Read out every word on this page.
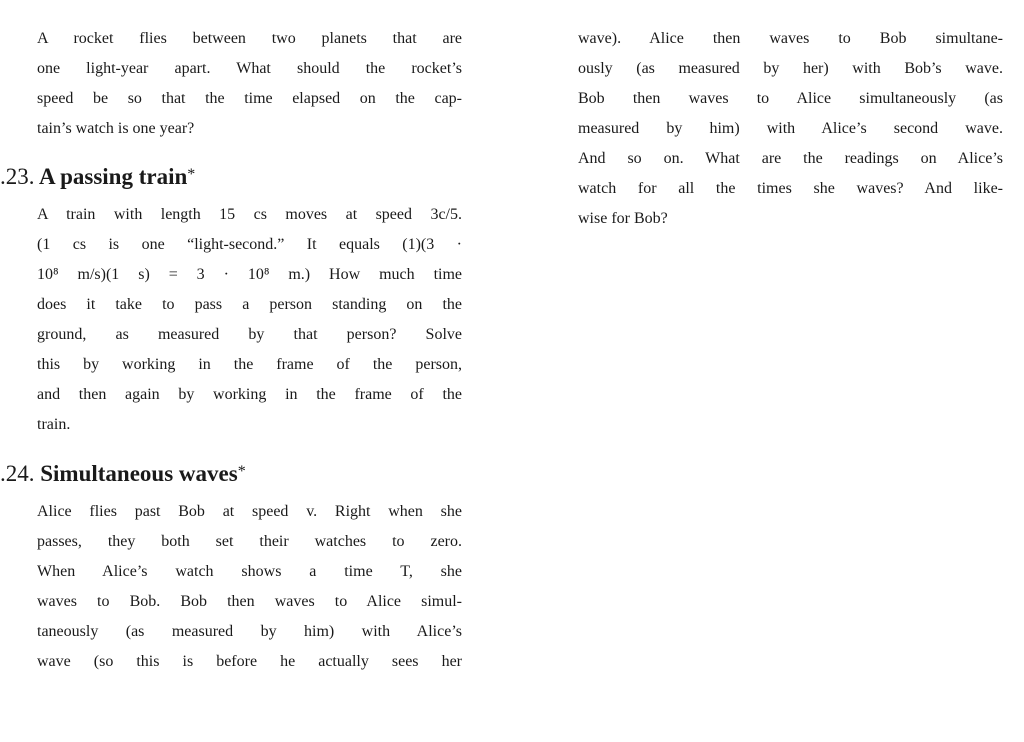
A rocket flies between two planets that are
one light-year apart. What should the rocket’s
speed be so that the time elapsed on the cap-
tain’s watch is one year?
.23. A passing train*
A train with length 15 cs moves at speed 3c/5.
(1 cs is one “light-second.” It equals (1)(3 ·
10⁸ m/s)(1 s) = 3 · 10⁸ m.) How much time
does it take to pass a person standing on the
ground, as measured by that person? Solve
this by working in the frame of the person,
and then again by working in the frame of the
train.
.24. Simultaneous waves*
Alice flies past Bob at speed v. Right when she
passes, they both set their watches to zero.
When Alice’s watch shows a time T, she
waves to Bob. Bob then waves to Alice simul-
taneously (as measured by him) with Alice’s
wave (so this is before he actually sees her
wave). Alice then waves to Bob simultane-
ously (as measured by her) with Bob’s wave.
Bob then waves to Alice simultaneously (as
measured by him) with Alice’s second wave.
And so on. What are the readings on Alice’s
watch for all the times she waves? And like-
wise for Bob?
